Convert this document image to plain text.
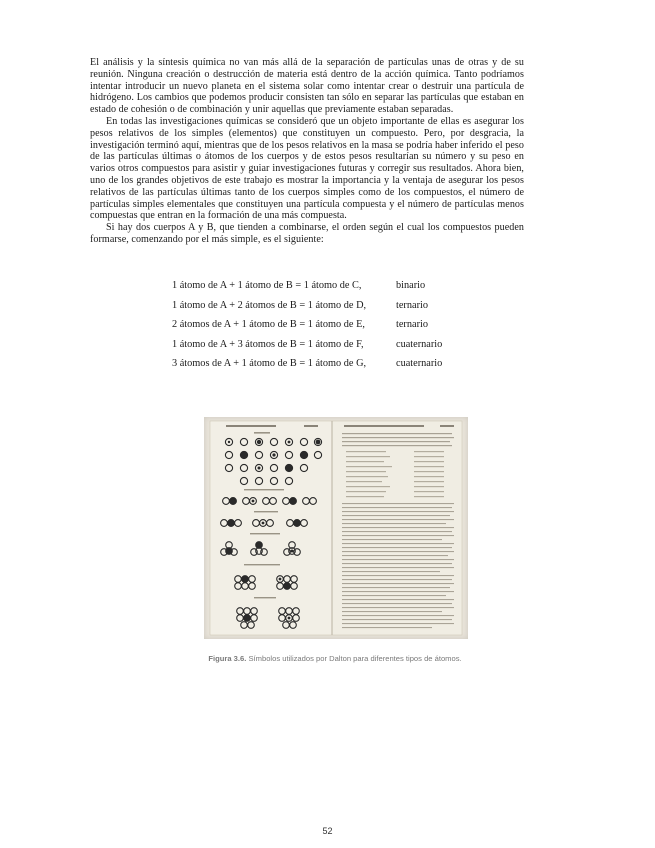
El análisis y la síntesis química no van más allá de la separación de partículas unas de otras y de su reunión. Ninguna creación o destrucción de materia está dentro de la acción química. Tanto podríamos intentar introducir un nuevo planeta en el sistema solar como intentar crear o destruir una partícula de hidrógeno. Los cambios que podemos producir consisten tan sólo en separar las partículas que estaban en estado de cohesión o de combinación y unir aquellas que previamente estaban separadas.

En todas las investigaciones químicas se consideró que un objeto importante de ellas es asegurar los pesos relativos de los simples (elementos) que constituyen un compuesto. Pero, por desgracia, la investigación terminó aquí, mientras que de los pesos relativos en la masa se podría haber inferido el peso de las partículas últimas o átomos de los cuerpos y de estos pesos resultarían su número y su peso en varios otros compuestos para asistir y guiar investigaciones futuras y corregir sus resultados. Ahora bien, uno de los grandes objetivos de este trabajo es mostrar la importancia y la ventaja de asegurar los pesos relativos de las partículas últimas tanto de los cuerpos simples como de los compuestos, el número de partículas simples elementales que constituyen una partícula compuesta y el número de partículas menos compuestas que entran en la formación de una más compuesta.

Si hay dos cuerpos A y B, que tienden a combinarse, el orden según el cual los compuestos pueden formarse, comenzando por el más simple, es el siguiente:

1 átomo de A + 1 átomo de B = 1 átomo de C,	binario
1 átomo de A + 2 átomos de B = 1 átomo de D,	ternario
2 átomos de A + 1 átomo de B = 1 átomo de E,	ternario
1 átomo de A + 3 átomos de B = 1 átomo de F,	cuaternario
3 átomos de A + 1 átomo de B = 1 átomo de G,	cuaternario
Figura 3.6. Símbolos utilizados por Dalton para diferentes tipos de átomos.
52
